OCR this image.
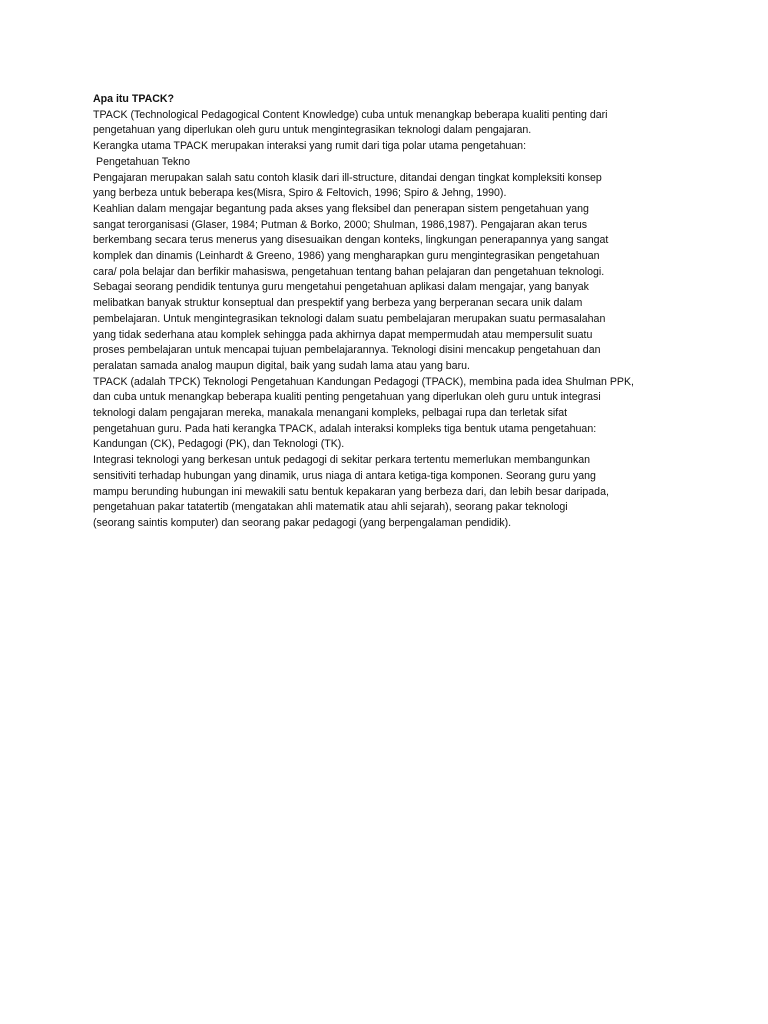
Apa itu TPACK?
TPACK (Technological Pedagogical Content Knowledge) cuba untuk menangkap beberapa kualiti penting dari
pengetahuan yang diperlukan oleh guru untuk mengintegrasikan teknologi dalam pengajaran.
Kerangka utama TPACK merupakan interaksi yang rumit dari tiga polar utama pengetahuan:
Pengetahuan Tekno
Pengajaran merupakan salah satu contoh klasik dari ill-structure, ditandai dengan tingkat kompleksiti konsep
yang berbeza untuk beberapa kes(Misra, Spiro & Feltovich, 1996; Spiro & Jehng, 1990).
Keahlian dalam mengajar begantung pada akses yang fleksibel dan penerapan sistem pengetahuan yang
sangat terorganisasi (Glaser, 1984; Putman & Borko, 2000; Shulman, 1986,1987). Pengajaran akan terus
berkembang secara terus menerus yang disesuaikan dengan konteks, lingkungan penerapannya yang sangat
komplek dan dinamis (Leinhardt & Greeno, 1986) yang mengharapkan guru mengintegrasikan pengetahuan
cara/ pola belajar dan berfikir mahasiswa, pengetahuan tentang bahan pelajaran dan pengetahuan teknologi.
Sebagai seorang pendidik tentunya guru mengetahui pengetahuan aplikasi dalam mengajar, yang banyak
melibatkan banyak struktur konseptual dan prespektif yang berbeza yang berperanan secara unik dalam
pembelajaran. Untuk mengintegrasikan teknologi dalam suatu pembelajaran merupakan suatu permasalahan
yang tidak sederhana atau komplek sehingga pada akhirnya dapat mempermudah atau mempersulit suatu
proses pembelajaran untuk mencapai tujuan pembelajarannya. Teknologi disini mencakup pengetahuan dan
peralatan samada analog maupun digital, baik yang sudah lama atau yang baru.
TPACK (adalah TPCK) Teknologi Pengetahuan Kandungan Pedagogi (TPACK), membina pada idea Shulman PPK,
dan cuba untuk menangkap beberapa kualiti penting pengetahuan yang diperlukan oleh guru untuk integrasi
teknologi dalam pengajaran mereka, manakala menangani kompleks, pelbagai rupa dan terletak sifat
pengetahuan guru. Pada hati kerangka TPACK, adalah interaksi kompleks tiga bentuk utama pengetahuan:
Kandungan (CK), Pedagogi (PK), dan Teknologi (TK).
Integrasi teknologi yang berkesan untuk pedagogi di sekitar perkara tertentu memerlukan membangunkan
sensitiviti terhadap hubungan yang dinamik, urus niaga di antara ketiga-tiga komponen. Seorang guru yang
mampu berunding hubungan ini mewakili satu bentuk kepakaran yang berbeza dari, dan lebih besar daripada,
pengetahuan pakar tatatertib (mengatakan ahli matematik atau ahli sejarah), seorang pakar teknologi
(seorang saintis komputer) dan seorang pakar pedagogi (yang berpengalaman pendidik).
